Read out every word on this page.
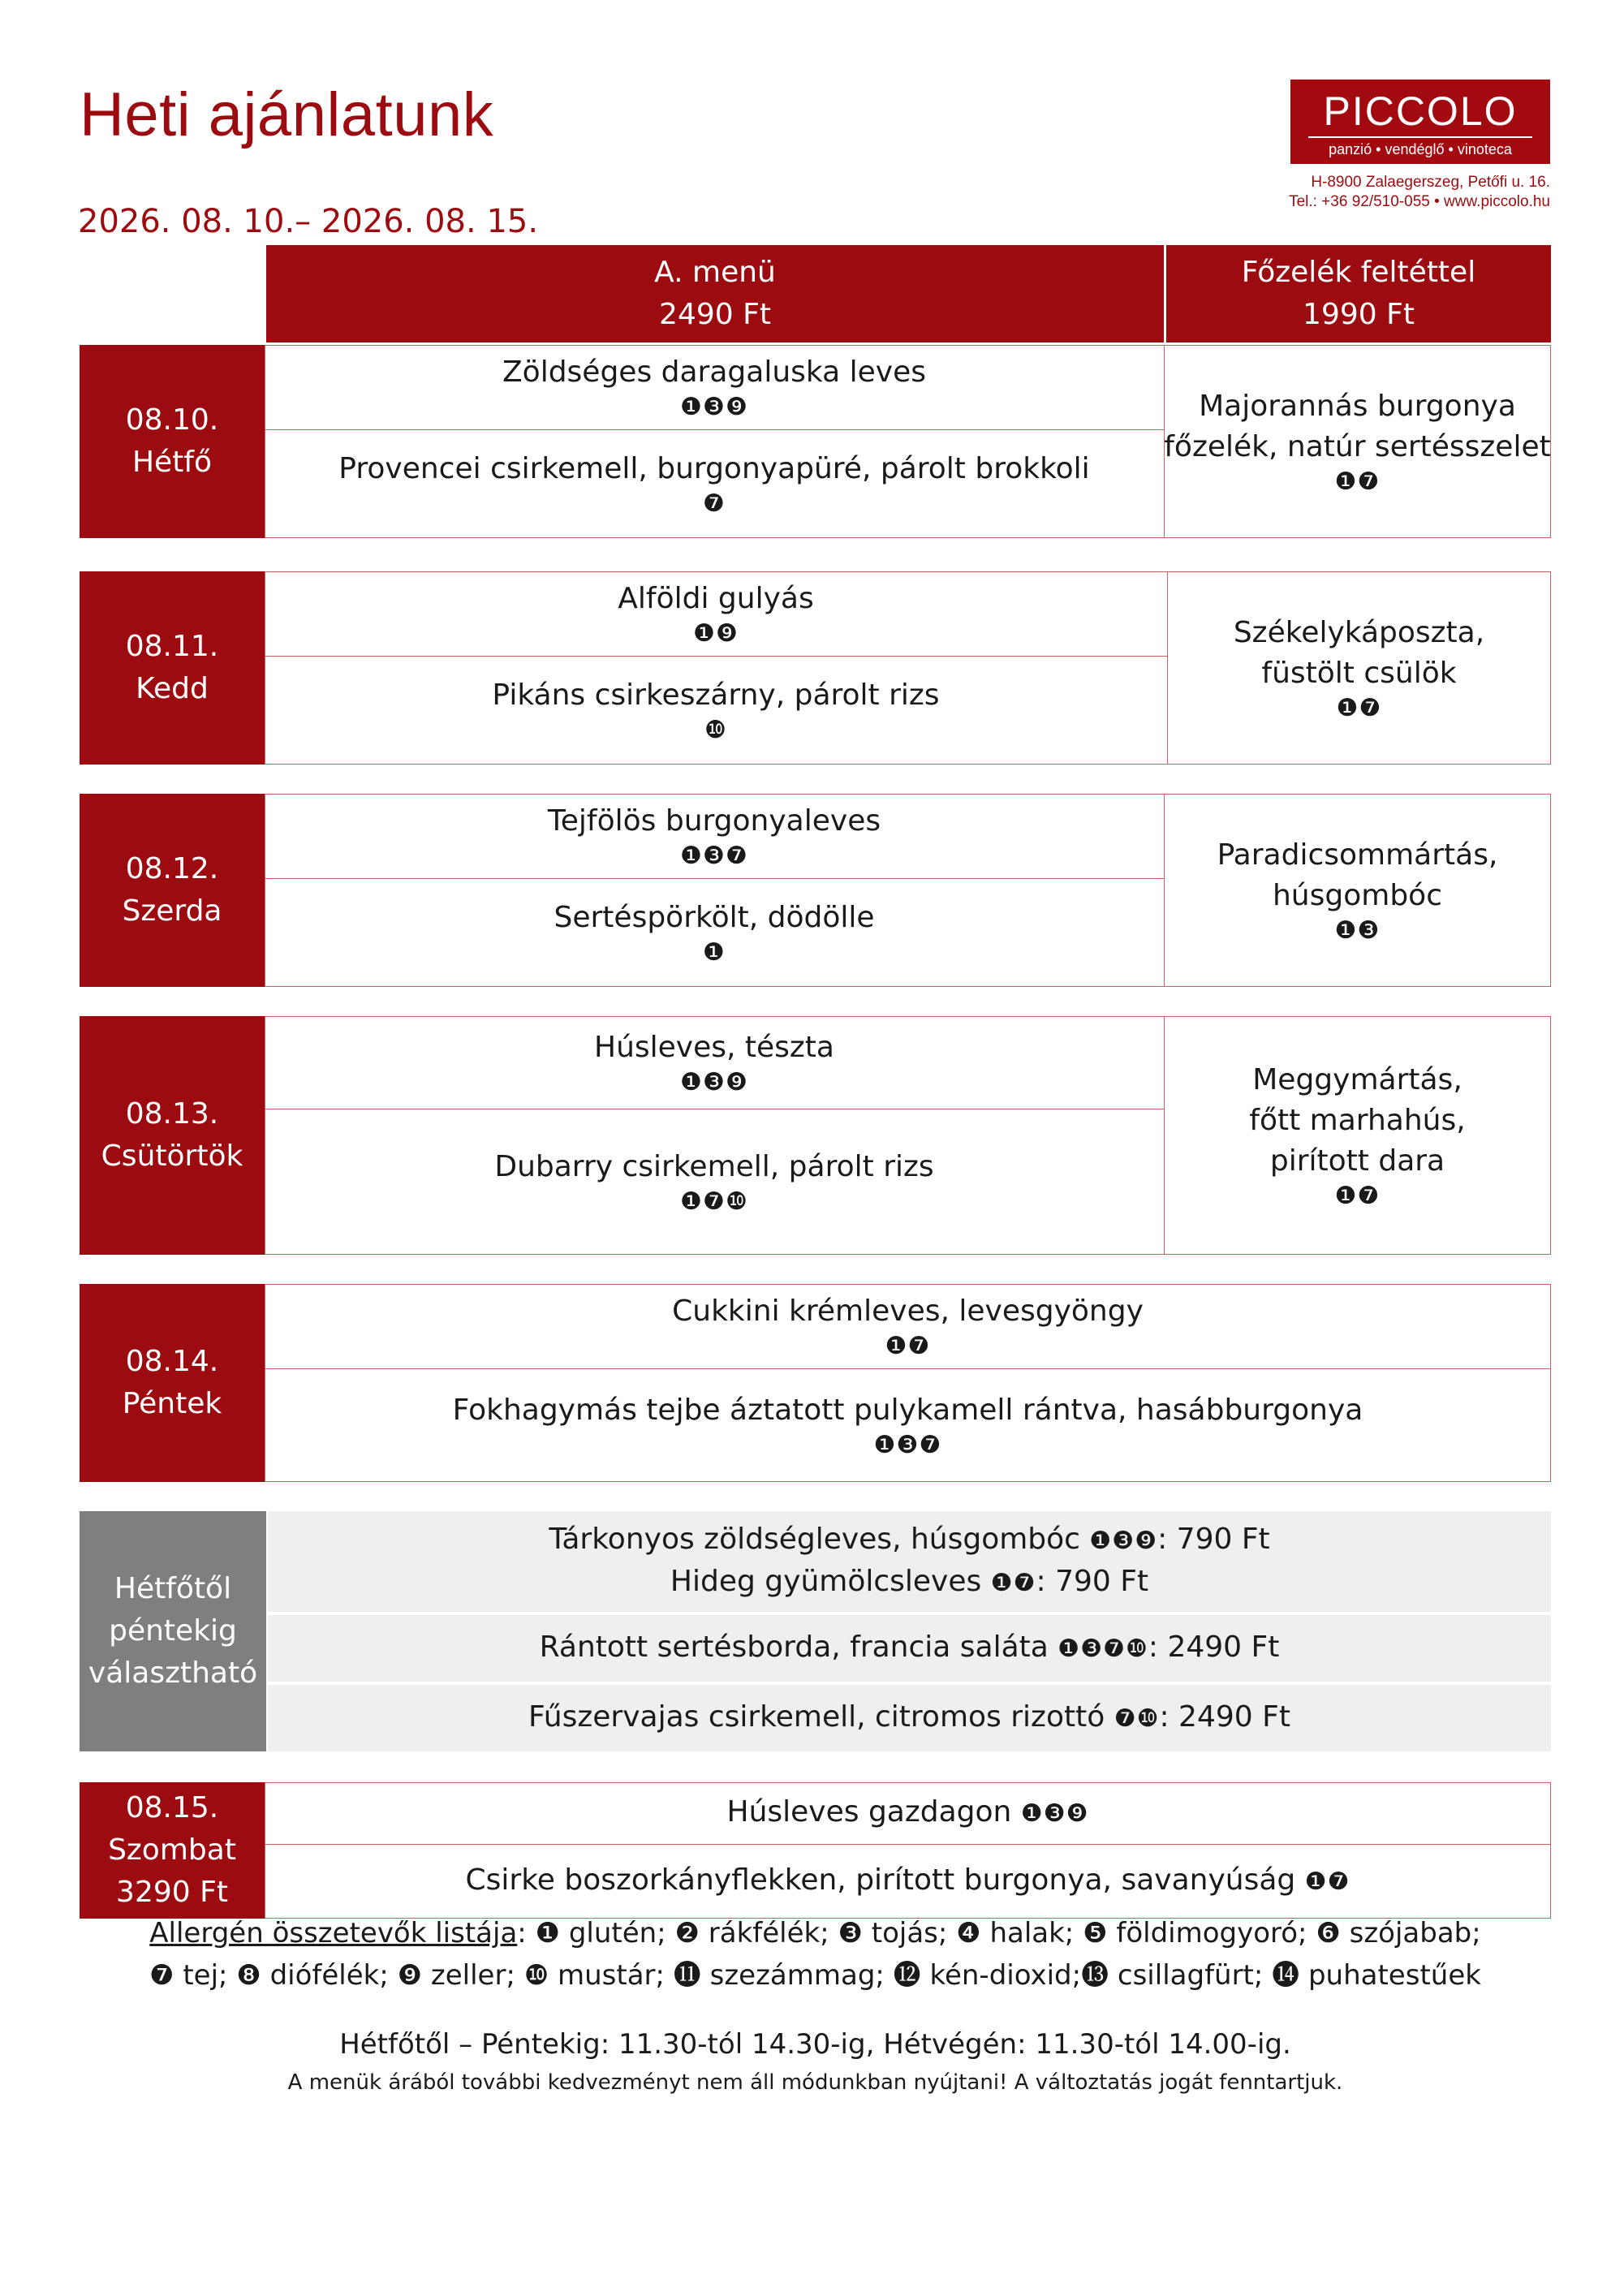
Heti ajánlatunk
2026. 08. 10.– 2026. 08. 15.
PICCOLO
panzió • vendéglő • vinoteca
H-8900 Zalaegerszeg, Petőfi u. 16.
Tel.: +36 92/510-055 • www.piccolo.hu
A. menü
2490 Ft
Főzelék feltéttel
1990 Ft
08.10.
Hétfő
Zöldséges daragaluska leves
❶❸❾
Provencei csirkemell, burgonyapüré, párolt brokkoli
❼
Majorannás burgonya
főzelék, natúr sertésszelet
❶❼
08.11.
Kedd
Alföldi gulyás
❶❾
Pikáns csirkeszárny, párolt rizs
❿
Székelykáposzta,
füstölt csülök
❶❼
08.12.
Szerda
Tejfölös burgonyaleves
❶❸❼
Sertéspörkölt, dödölle
❶
Paradicsommártás,
húsgombóc
❶❸
08.13.
Csütörtök
Húsleves, tészta
❶❸❾
Dubarry csirkemell, párolt rizs
❶❼❿
Meggymártás,
főtt marhahús,
pirított dara
❶❼
08.14.
Péntek
Cukkini krémleves, levesgyöngy
❶❼
Fokhagymás tejbe áztatott pulykamell rántva, hasábburgonya
❶❸❼
Hétfőtől
péntekig
választható
Tárkonyos zöldségleves, húsgombóc ❶❸❾: 790 Ft
Hideg gyümölcsleves ❶❼: 790 Ft
Rántott sertésborda, francia saláta ❶❸❼❿: 2490 Ft
Fűszervajas csirkemell, citromos rizottó ❼❿: 2490 Ft
08.15.
Szombat
3290 Ft
Húsleves gazdagon ❶❸❾
Csirke boszorkányflekken, pirított burgonya, savanyúság ❶❼
Allergén összetevők listája: ❶ glutén; ❷ rákfélék; ❸ tojás; ❹ halak; ❺ földimogyoró; ❻ szójabab;
❼ tej; ❽ diófélék; ❾ zeller; ❿ mustár; ⓫ szezámmag; ⓬ kén-dioxid;⓭ csillagfürt; ⓮ puhatestűek
Hétfőtől – Péntekig: 11.30-tól 14.30-ig, Hétvégén: 11.30-tól 14.00-ig.
A menük árából további kedvezményt nem áll módunkban nyújtani! A változtatás jogát fenntartjuk.
